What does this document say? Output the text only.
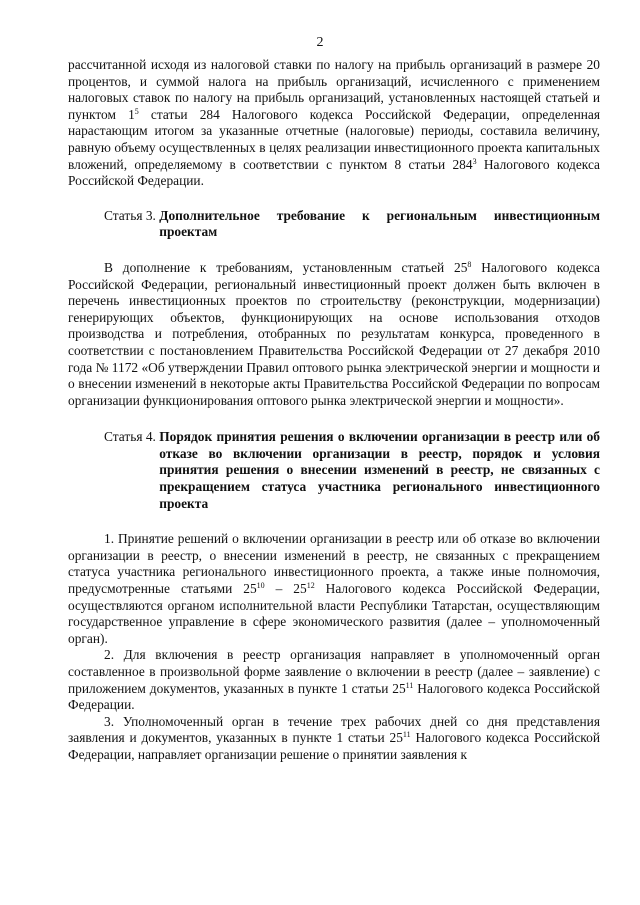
2

рассчитанной исходя из налоговой ставки по налогу на прибыль организаций в размере 20 процентов, и суммой налога на прибыль организаций, исчисленного с применением налоговых ставок по налогу на прибыль организаций, установленных настоящей статьей и пунктом $1^5$ статьи 284 Налогового кодекса Российской Федерации, определенная нарастающим итогом за указанные отчетные (налоговые) периоды, составила величину, равную объему осуществленных в целях реализации инвестиционного проекта капитальных вложений, определяемому в соответствии с пунктом 8 статьи $284^3$ Налогового кодекса Российской Федерации.

Статья 3. Дополнительное требование к региональным инвестиционным проектам

В дополнение к требованиям, установленным статьей $25^8$ Налогового кодекса Российской Федерации, региональный инвестиционный проект должен быть включен в перечень инвестиционных проектов по строительству (реконструкции, модернизации) генерирующих объектов, функционирующих на основе использования отходов производства и потребления, отобранных по результатам конкурса, проведенного в соответствии с постановлением Правительства Российской Федерации от 27 декабря 2010 года № 1172 «Об утверждении Правил оптового рынка электрической энергии и мощности и о внесении изменений в некоторые акты Правительства Российской Федерации по вопросам организации функционирования оптового рынка электрической энергии и мощности».

Статья 4. Порядок принятия решения о включении организации в реестр или об отказе во включении организации в реестр, порядок и условия принятия решения о внесении изменений в реестр, не связанных с прекращением статуса участника регионального инвестиционного проекта

1. Принятие решений о включении организации в реестр или об отказе во включении организации в реестр, о внесении изменений в реестр, не связанных с прекращением статуса участника регионального инвестиционного проекта, а также иные полномочия, предусмотренные статьями $25^{10} - 25^{12}$ Налогового кодекса Российской Федерации, осуществляются органом исполнительной власти Республики Татарстан, осуществляющим государственное управление в сфере экономического развития (далее – уполномоченный орган).

2. Для включения в реестр организация направляет в уполномоченный орган составленное в произвольной форме заявление о включении в реестр (далее – заявление) с приложением документов, указанных в пункте 1 статьи $25^{11}$ Налогового кодекса Российской Федерации.

3. Уполномоченный орган в течение трех рабочих дней со дня представления заявления и документов, указанных в пункте 1 статьи $25^{11}$ Налогового кодекса Российской Федерации, направляет организации решение о принятии заявления к
